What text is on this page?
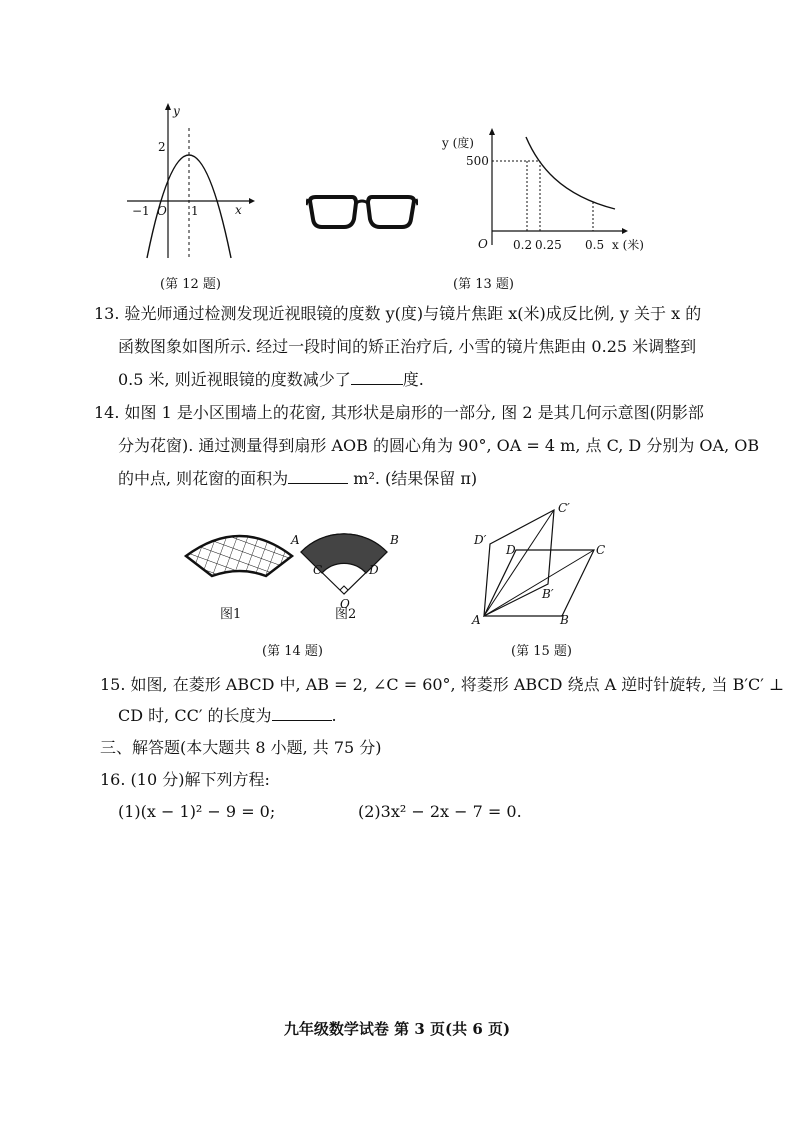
y
x
2
−1 O 1
(第 12 题)
y (度)
500
O 0.2 0.25 0.5 x (米)
(第 13 题)
13. 验光师通过检测发现近视眼镜的度数 y(度)与镜片焦距 x(米)成反比例, y 关于 x 的
函数图象如图所示. 经过一段时间的矫正治疗后, 小雪的镜片焦距由 0.25 米调整到
0.5 米, 则近视眼镜的度数减少了	度.
14. 如图 1 是小区围墙上的花窗, 其形状是扇形的一部分, 图 2 是其几何示意图(阴影部
分为花窗). 通过测量得到扇形 AOB 的圆心角为 90°, OA = 4 m, 点 C, D 分别为 OA, OB
的中点, 则花窗的面积为	m². (结果保留 π)
A	B
C	D
O
图1	图2
(第 14 题)
D′
C′
D	C
B′
A	B
(第 15 题)
15. 如图, 在菱形 ABCD 中, AB = 2, ∠C = 60°, 将菱形 ABCD 绕点 A 逆时针旋转, 当 B′C′ ⊥
CD 时, CC′ 的长度为	.
三、解答题(本大题共 8 小题, 共 75 分)
16. (10 分)解下列方程:
(1)(x − 1)² − 9 = 0;	(2)3x² − 2x − 7 = 0.
九年级数学试卷 第 3 页(共 6 页)
